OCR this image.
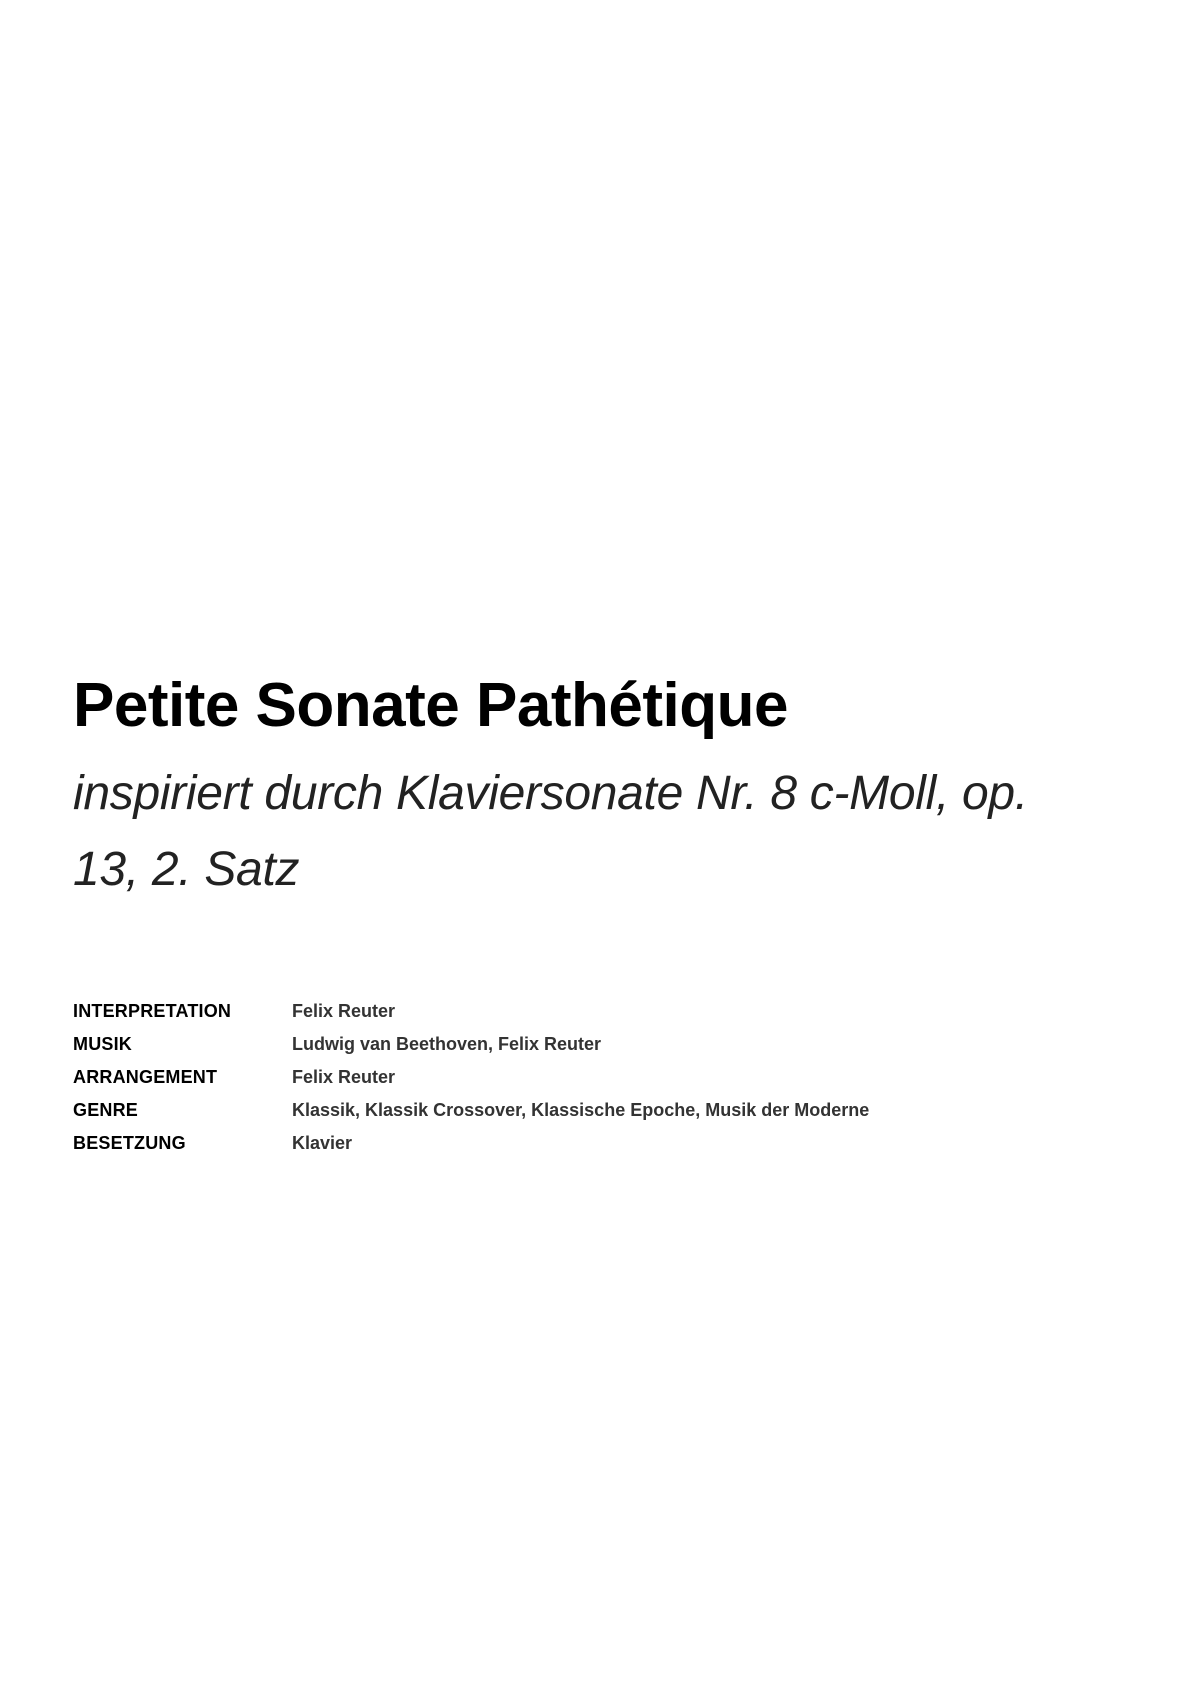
Petite Sonate Pathétique

inspiriert durch Klaviersonate Nr. 8 c-Moll, op. 13, 2. Satz

INTERPRETATION	Felix Reuter
MUSIK	Ludwig van Beethoven, Felix Reuter
ARRANGEMENT	Felix Reuter
GENRE	Klassik, Klassik Crossover, Klassische Epoche, Musik der Moderne
BESETZUNG	Klavier
